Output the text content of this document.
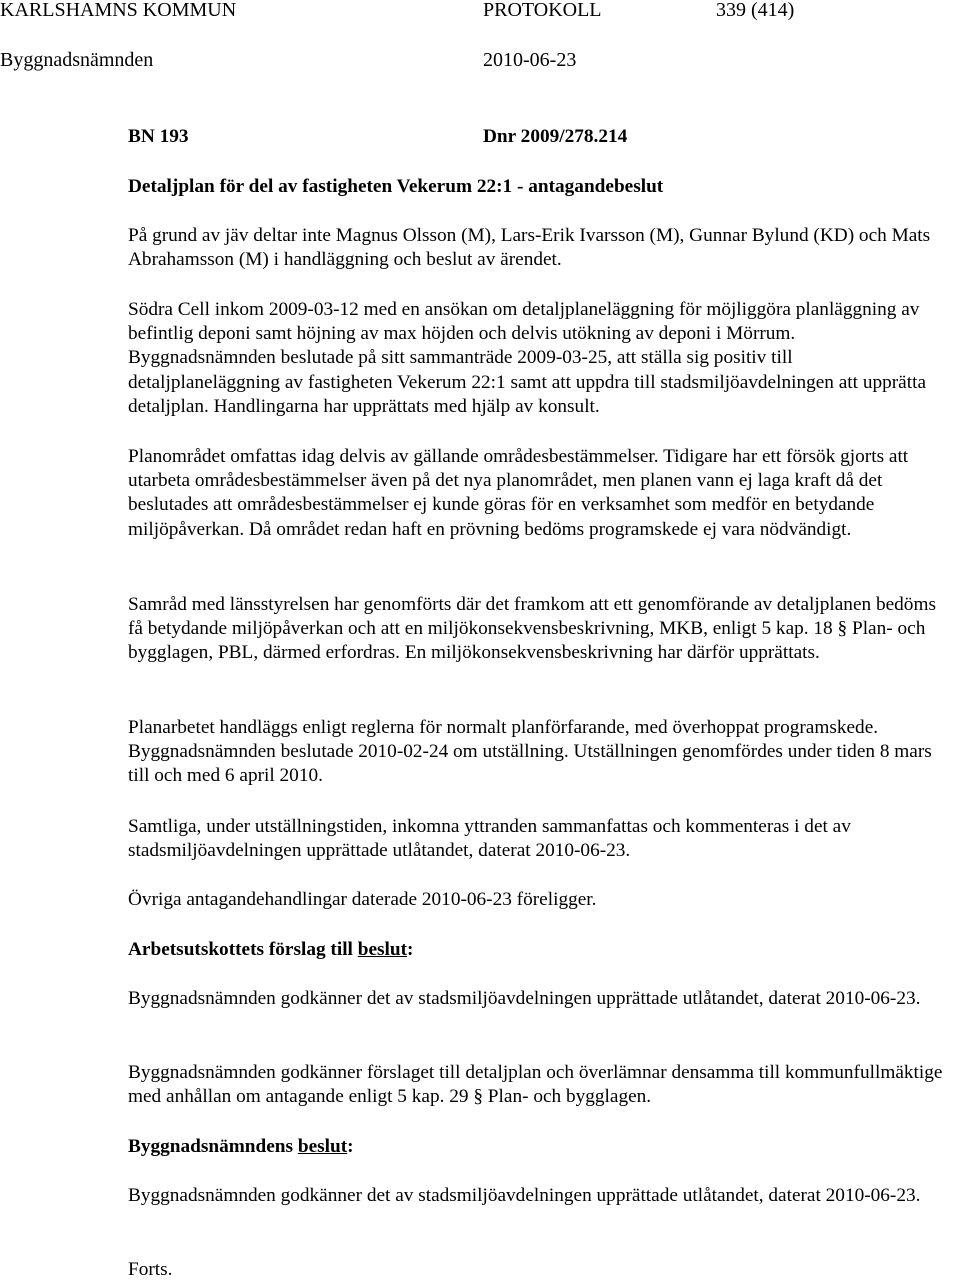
KARLSHAMNS KOMMUN	PROTOKOLL	339 (414)
Byggnadsnämnden	2010-06-23
BN 193	Dnr 2009/278.214
Detaljplan för del av fastigheten Vekerum 22:1 - antagandebeslut
På grund av jäv deltar inte Magnus Olsson (M), Lars-Erik Ivarsson (M), Gunnar Bylund (KD) och Mats Abrahamsson (M) i handläggning och beslut av ärendet.
Södra Cell inkom 2009-03-12 med en ansökan om detaljplaneläggning för möjliggöra planläggning av befintlig deponi samt höjning av max höjden och delvis utökning av deponi i Mörrum. Byggnadsnämnden beslutade på sitt sammanträde 2009-03-25, att ställa sig positiv till detaljplaneläggning av fastigheten Vekerum 22:1 samt att uppdra till stadsmiljöavdelningen att upprätta detaljplan. Handlingarna har upprättats med hjälp av konsult.
Planområdet omfattas idag delvis av gällande områdesbestämmelser. Tidigare har ett försök gjorts att utarbeta områdesbestämmelser även på det nya planområdet, men planen vann ej laga kraft då det beslutades att områdesbestämmelser ej kunde göras för en verksamhet som medför en betydande miljöpåverkan. Då området redan haft en prövning bedöms programskede ej vara nödvändigt.
Samråd med länsstyrelsen har genomförts där det framkom att ett genomförande av detaljplanen bedöms få betydande miljöpåverkan och att en miljökonsekvensbeskrivning, MKB, enligt 5 kap. 18 § Plan- och bygglagen, PBL, därmed erfordras. En miljökonsekvensbeskrivning har därför upprättats.
Planarbetet handläggs enligt reglerna för normalt planförfarande, med överhoppat programskede. Byggnadsnämnden beslutade 2010-02-24 om utställning. Utställningen genomfördes under tiden 8 mars till och med 6 april 2010.
Samtliga, under utställningstiden, inkomna yttranden sammanfattas och kommenteras i det av stadsmiljöavdelningen upprättade utlåtandet, daterat 2010-06-23.
Övriga antagandehandlingar daterade 2010-06-23 föreligger.
Arbetsutskottets förslag till beslut:
Byggnadsnämnden godkänner det av stadsmiljöavdelningen upprättade utlåtandet, daterat 2010-06-23.
Byggnadsnämnden godkänner förslaget till detaljplan och överlämnar densamma till kommunfullmäktige med anhållan om antagande enligt 5 kap. 29 § Plan- och bygglagen.
Byggnadsnämndens beslut:
Byggnadsnämnden godkänner det av stadsmiljöavdelningen upprättade utlåtandet, daterat 2010-06-23.
Forts.
